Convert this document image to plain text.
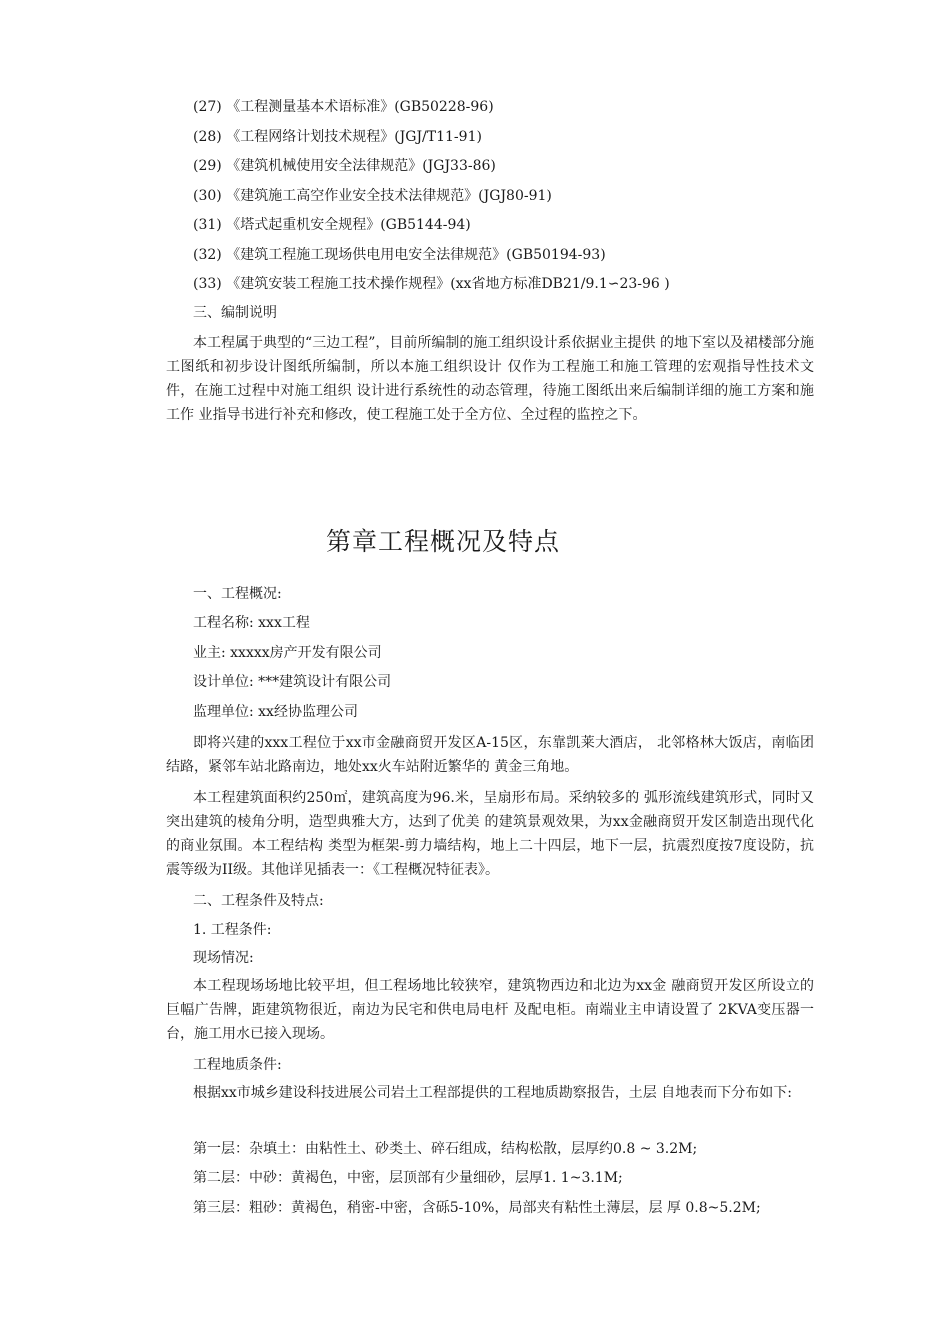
(27) 《工程测量基本术语标准》(GB50228-96)
(28) 《工程网络计划技术规程》(JGJ/T11-91)
(29) 《建筑机械使用安全法律规范》(JGJ33-86)
(30) 《建筑施工高空作业安全技术法律规范》(JGJ80-91)
(31) 《塔式起重机安全规程》(GB5144-94)
(32) 《建筑工程施工现场供电用电安全法律规范》(GB50194-93)
(33) 《建筑安装工程施工技术操作规程》(xx省地方标准DB21/9.1∽23-96 )
三、编制说明
本工程属于典型的“三边工程”，目前所编制的施工组织设计系依据业主提供 的地下室以及裙楼部分施工图纸和初步设计图纸所编制，所以本施工组织设计 仅作为工程施工和施工管理的宏观指导性技术文件，在施工过程中对施工组织 设计进行系统性的动态管理，待施工图纸出来后编制详细的施工方案和施工作 业指导书进行补充和修改，使工程施工处于全方位、全过程的监控之下。
第章工程概况及特点
一、工程概况:
工程名称: xxx工程
业主: xxxxx房产开发有限公司
设计单位: ***建筑设计有限公司
监理单位: xx经协监理公司
即将兴建的xxx工程位于xx市金融商贸开发区A-15区，东靠凯莱大酒店， 北邻格林大饭店，南临团结路，紧邻车站北路南边，地处xx火车站附近繁华的 黄金三角地。
本工程建筑面积约250㎡，建筑高度为96.米，呈扇形布局。采纳较多的 弧形流线建筑形式，同时又突出建筑的棱角分明，造型典雅大方，达到了优美 的建筑景观效果，为xx金融商贸开发区制造出现代化的商业氛围。本工程结构 类型为框架-剪力墙结构，地上二十四层，地下一层，抗震烈度按7度设防，抗 震等级为II级。其他详见插表一：《工程概况特征表》。
二、工程条件及特点:
1. 工程条件:
现场情况:
本工程现场场地比较平坦，但工程场地比较狭窄，建筑物西边和北边为xx金 融商贸开发区所设立的巨幅广告牌，距建筑物很近，南边为民宅和供电局电杆 及配电柜。南端业主申请设置了 2KVA变压器一台，施工用水已接入现场。
工程地质条件:
根据xx市城乡建设科技进展公司岩土工程部提供的工程地质勘察报告，土层 自地表而下分布如下:
第一层：杂填土：由粘性土、砂类土、碎石组成，结构松散，层厚约0.8 ~ 3.2M;
第二层：中砂：黄褐色，中密，层顶部有少量细砂，层厚1. 1~3.1M;
第三层：粗砂：黄褐色，稍密-中密，含砾5-10%，局部夹有粘性土薄层，层 厚 0.8~5.2M;
